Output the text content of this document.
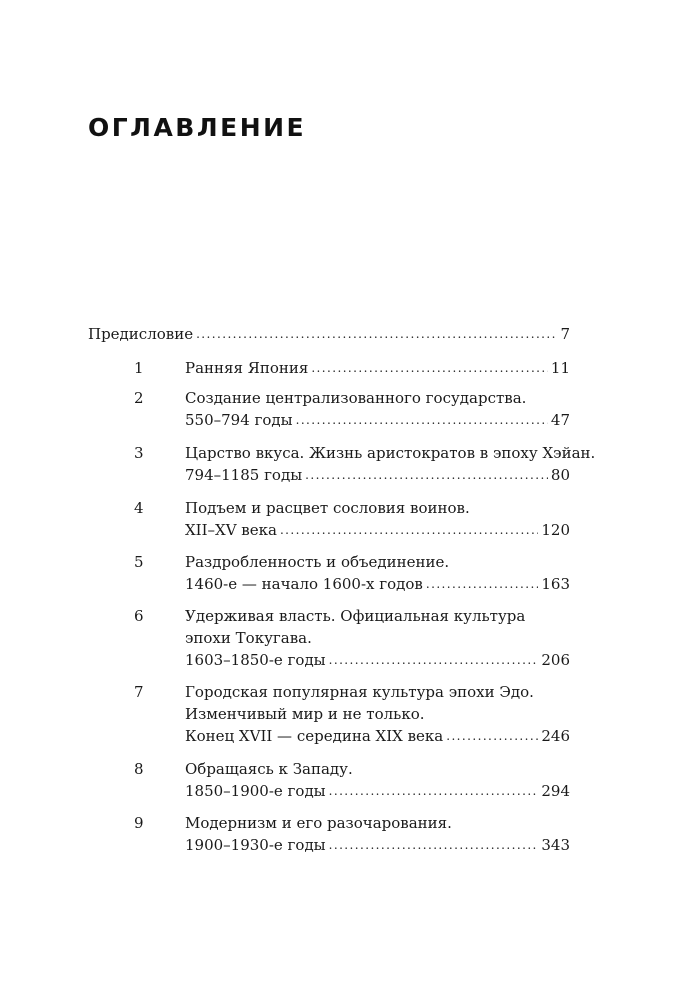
ОГЛАВЛЕНИЕ
Предисловие . . .	7
1	Ранняя Япония . . .	11
2	Создание централизованного государства.
550–794 годы . . .	47
3	Царство вкуса. Жизнь аристократов в эпоху Хэйан.
794–1185 годы . . .	80
4	Подъем и расцвет сословия воинов.
XII–XV века . . .	120
5	Раздробленность и объединение.
1460-е — начало 1600-х годов . . .	163
6	Удерживая власть. Официальная культура
эпохи Токугава.
1603–1850-е годы . . .	206
7	Городская популярная культура эпохи Эдо.
Изменчивый мир и не только.
Конец XVII — середина XIX века . . .	246
8	Обращаясь к Западу.
1850–1900-е годы . . .	294
9	Модернизм и его разочарования.
1900–1930-е годы . . .	343
